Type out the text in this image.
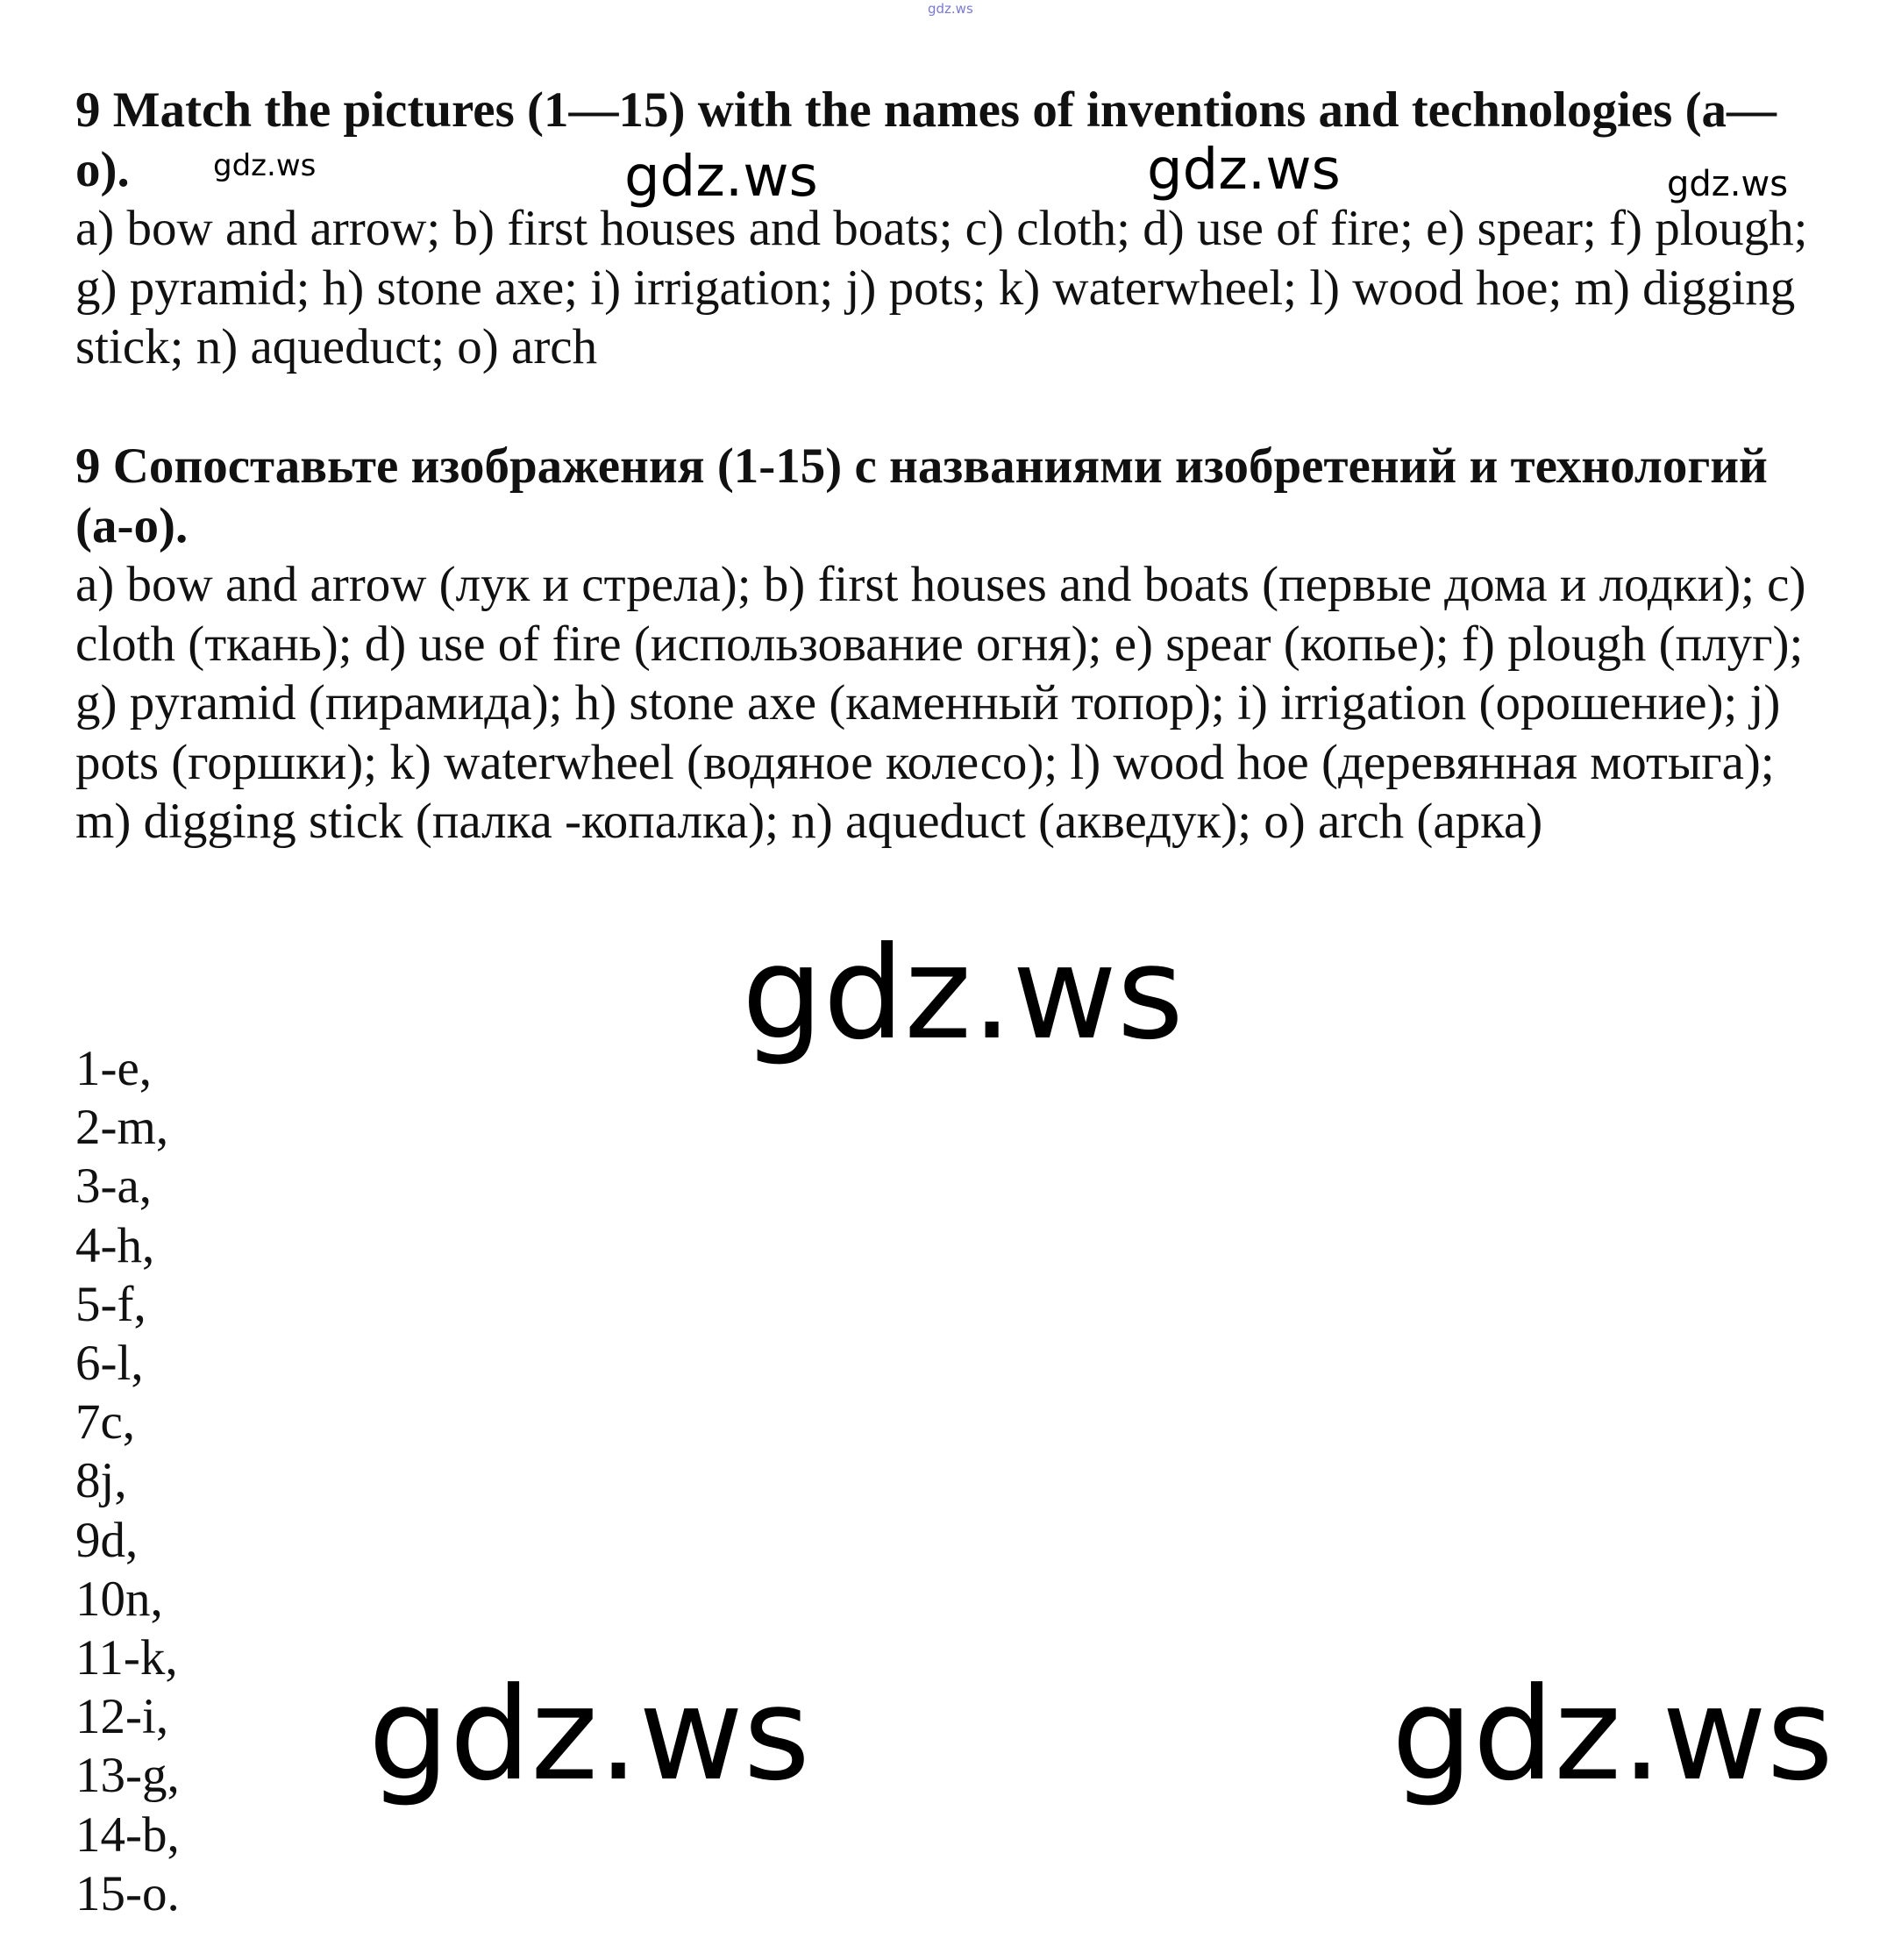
gdz.ws

9 Match the pictures (1—15) with the names of inventions and technologies (a—o).

a) bow and arrow; b) first houses and boats; c) cloth; d) use of fire; e) spear; f) plough; g) pyramid; h) stone axe; i) irrigation; j) pots; k) waterwheel; l) wood hoe; m) digging stick; n) aqueduct; o) arch

9 Сопоставьте изображения (1-15) с названиями изобретений и технологий (а-о).

a) bow and arrow (лук и стрела); b) first houses and boats (первые дома и лодки); c) cloth (ткань); d) use of fire (использование огня); e) spear (копье); f) plough (плуг); g) pyramid (пирамида); h) stone axe (каменный топор); i) irrigation (орошение); j) pots (горшки); k) waterwheel (водяное колесо); l) wood hoe (деревянная мотыга); m) digging stick (палка -копалка); n) aqueduct (акведук); o) arch (арка)

1-e,
2-m,
3-a,
4-h,
5-f,
6-l,
7c,
8j,
9d,
10n,
11-k,
12-i,
13-g,
14-b,
15-o.
gdz.ws	gdz.ws	gdz.ws	gdz.ws
gdz.ws
gdz.ws	gdz.ws
